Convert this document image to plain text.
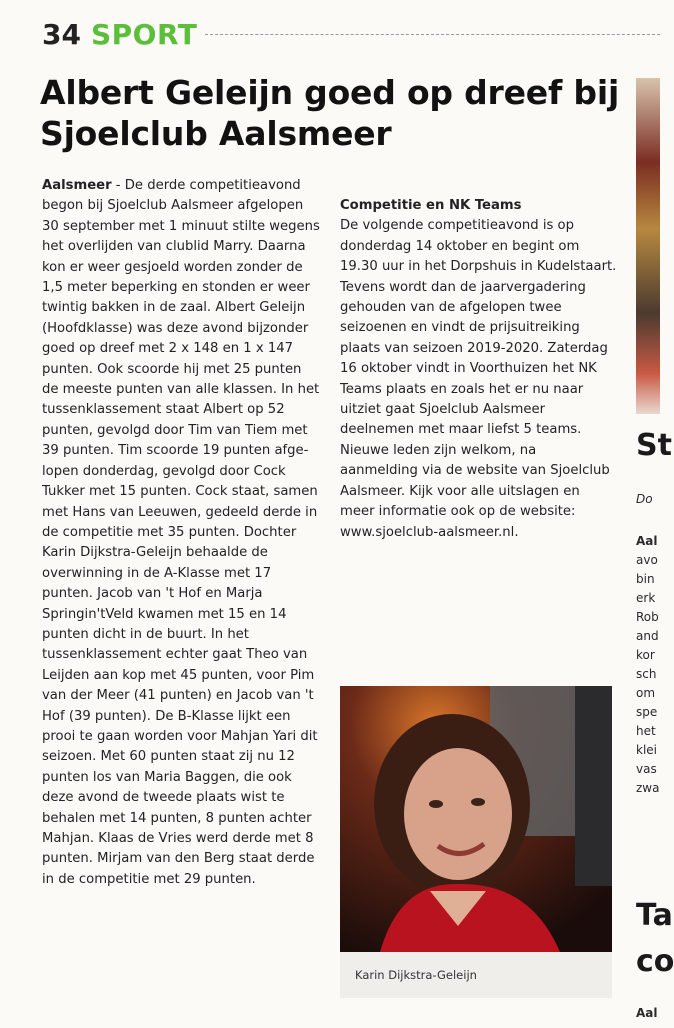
34 SPORT
Albert Geleijn goed op dreef bij Sjoelclub Aalsmeer

Aalsmeer - De derde competitieavond begon bij Sjoelclub Aalsmeer afgelopen 30 september met 1 minuut stilte wegens het overlijden van clublid Marry. Daarna kon er weer gesjoeld worden zonder de 1,5 meter beperking en stonden er weer twintig bakken in de zaal. Albert Geleijn (Hoofdklasse) was deze avond bijzonder goed op dreef met 2 x 148 en 1 x 147 punten. Ook scoorde hij met 25 punten de meeste punten van alle klassen. In het tussenklassement staat Albert op 52 punten, gevolgd door Tim van Tiem met 39 punten. Tim scoorde 19 punten afgelopen donderdag, gevolgd door Cock Tukker met 15 punten. Cock staat, samen met Hans van Leeuwen, gedeeld derde in de competitie met 35 punten. Dochter Karin Dijkstra-Geleijn behaalde de overwinning in de A-Klasse met 17 punten. Jacob van 't Hof en Marja Springin'tVeld kwamen met 15 en 14 punten dicht in de buurt. In het tussenklassement echter gaat Theo van Leijden aan kop met 45 punten, voor Pim van der Meer (41 punten) en Jacob van 't Hof (39 punten). De B-Klasse lijkt een prooi te gaan worden voor Mahjan Yari dit seizoen. Met 60 punten staat zij nu 12 punten los van Maria Baggen, die ook deze avond de tweede plaats wist te behalen met 14 punten, 8 punten achter Mahjan. Klaas de Vries werd derde met 8 punten. Mirjam van den Berg staat derde in de competitie met 29 punten.

Competitie en NK Teams

De volgende competitieavond is op donderdag 14 oktober en begint om 19.30 uur in het Dorpshuis in Kudelstaart. Tevens wordt dan de jaarvergadering gehouden van de afgelopen twee seizoenen en vindt de prijsuitreiking plaats van seizoen 2019-2020. Zaterdag 16 oktober vindt in Voorthuizen het NK Teams plaats en zoals het er nu naar uitziet gaat Sjoelclub Aalsmeer deelnemen met maar liefst 5 teams. Nieuwe leden zijn welkom, na aanmelding via de website van Sjoelclub Aalsmeer. Kijk voor alle uitslagen en meer informatie ook op de website: www.sjoelclub-aalsmeer.nl.

Karin Dijkstra-Geleijn
St
Do
Aal
avo
bin
erk
Rob
and
kor
sch
om
spe
het
klei
vas
zwa
Ta
co
Aal
